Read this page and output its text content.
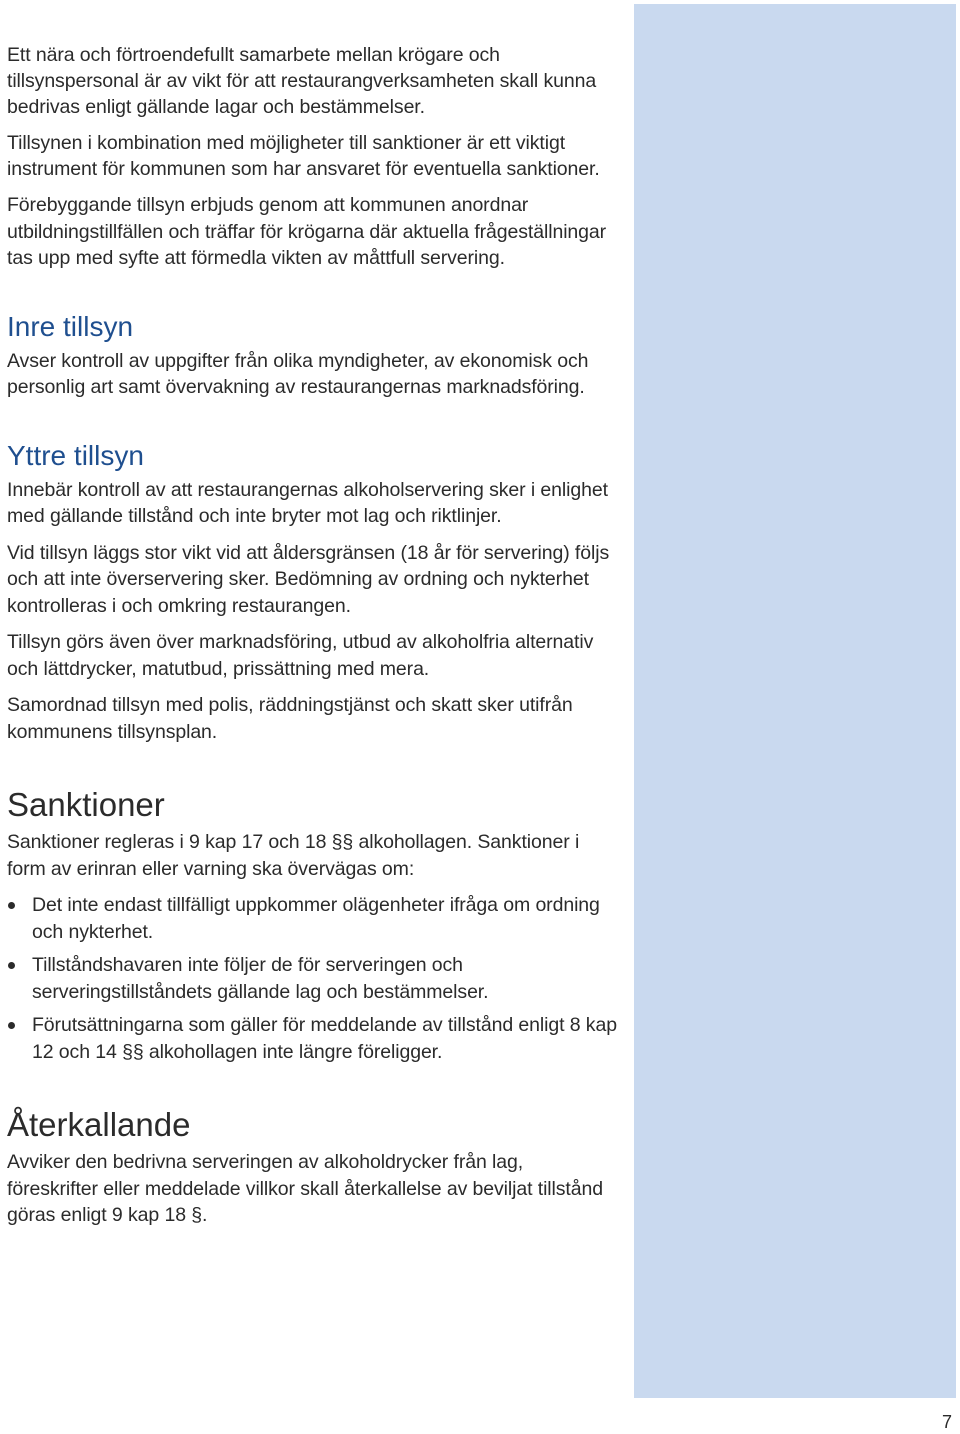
Ett nära och förtroendefullt samarbete mellan krögare och tillsynspersonal är av vikt för att restaurangverksamheten skall kunna bedrivas enligt gällande lagar och bestämmelser.

Tillsynen i kombination med möjligheter till sanktioner är ett viktigt instrument för kommunen som har ansvaret för eventuella sanktioner.

Förebyggande tillsyn erbjuds genom att kommunen anordnar utbildningstillfällen och träffar för krögarna där aktuella frågeställningar tas upp med syfte att förmedla vikten av måttfull servering.

Inre tillsyn

Avser kontroll av uppgifter från olika myndigheter, av ekonomisk och personlig art samt övervakning av restaurangernas marknadsföring.

Yttre tillsyn

Innebär kontroll av att restaurangernas alkoholservering sker i enlighet med gällande tillstånd och inte bryter mot lag och riktlinjer.

Vid tillsyn läggs stor vikt vid att åldersgränsen (18 år för servering) följs och att inte överservering sker. Bedömning av ordning och nykterhet kontrolleras i och omkring restaurangen.

Tillsyn görs även över marknadsföring, utbud av alkoholfria alternativ och lättdrycker, matutbud, prissättning med mera.

Samordnad tillsyn med polis, räddningstjänst och skatt sker utifrån kommunens tillsynsplan.

Sanktioner

Sanktioner regleras i 9 kap 17 och 18 §§ alkohollagen. Sanktioner i form av erinran eller varning ska övervägas om:

Det inte endast tillfälligt uppkommer olägenheter ifråga om ordning och nykterhet.
Tillståndshavaren inte följer de för serveringen och serveringstillståndets gällande lag och bestämmelser.
Förutsättningarna som gäller för meddelande av tillstånd enligt 8 kap 12 och 14 §§ alkohollagen inte längre föreligger.
Återkallande

Avviker den bedrivna serveringen av alkoholdrycker från lag, föreskrifter eller meddelade villkor skall återkallelse av beviljat tillstånd göras enligt 9 kap 18 §.

7
